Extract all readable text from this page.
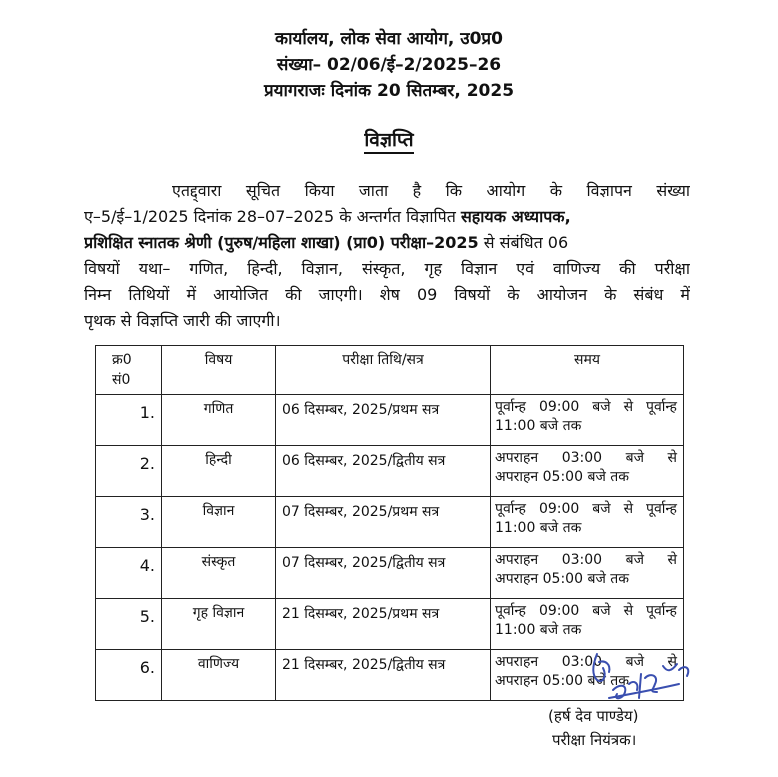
कार्यालय, लोक सेवा आयोग, उ0प्र0
संख्या– 02/06/ई–2/2025–26
प्रयागराजः दिनांक 20 सितम्बर, 2025
विज्ञप्ति
एतद्द्वारा सूचित किया जाता है कि आयोग के विज्ञापन संख्या
ए–5/ई–1/2025 दिनांक 28–07–2025 के अन्तर्गत विज्ञापित सहायक अध्यापक,
प्रशिक्षित स्नातक श्रेणी (पुरुष/महिला शाखा) (प्रा0) परीक्षा–2025 से संबंधित 06
विषयों यथा– गणित, हिन्दी, विज्ञान, संस्कृत, गृह विज्ञान एवं वाणिज्य की परीक्षा
निम्न तिथियों में आयोजित की जाएगी। शेष 09 विषयों के आयोजन के संबंध में
पृथक से विज्ञप्ति जारी की जाएगी।
क्र0
सं0	विषय	परीक्षा तिथि/सत्र	समय
1.	गणित	06 दिसम्बर, 2025/प्रथम सत्र	पूर्वान्ह 09:00 बजे से पूर्वान्ह
11:00 बजे तक

2.	हिन्दी	06 दिसम्बर, 2025/द्वितीय सत्र	अपराहन 03:00 बजे से
अपराहन 05:00 बजे तक

3.	विज्ञान	07 दिसम्बर, 2025/प्रथम सत्र	पूर्वान्ह 09:00 बजे से पूर्वान्ह
11:00 बजे तक

4.	संस्कृत	07 दिसम्बर, 2025/द्वितीय सत्र	अपराहन 03:00 बजे से
अपराहन 05:00 बजे तक

5.	गृह विज्ञान	21 दिसम्बर, 2025/प्रथम सत्र	पूर्वान्ह 09:00 बजे से पूर्वान्ह
11:00 बजे तक

6.	वाणिज्य	21 दिसम्बर, 2025/द्वितीय सत्र	अपराहन 03:00 बजे से
अपराहन 05:00 बजे तक
(हर्ष देव पाण्डेय)
परीक्षा नियंत्रक।
